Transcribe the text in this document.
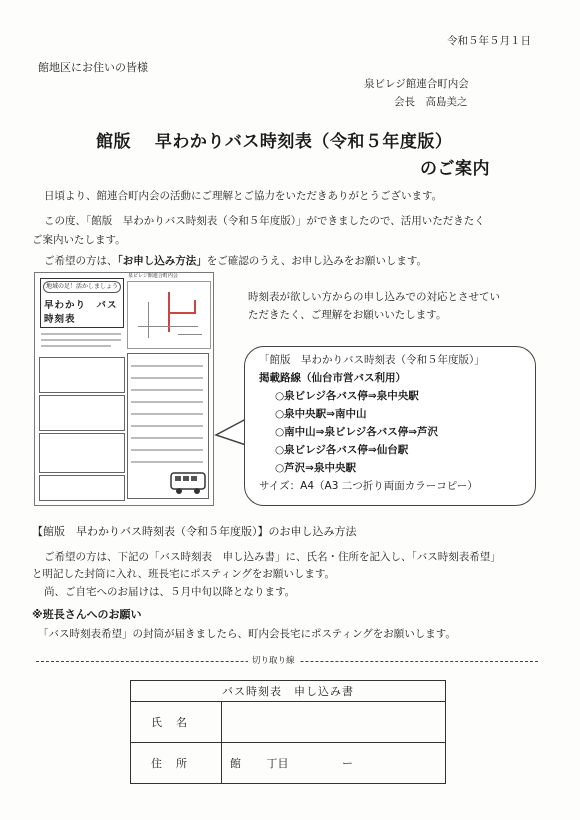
令和５年５月１日
館地区にお住いの皆様
泉ビレジ館連合町内会
会長　高島美之
館版　 早わかりバス時刻表（令和５年度版）
のご案内
日頃より、館連合町内会の活動にご理解とご協力をいただきありがとうございます。
この度、「館版　早わかりバス時刻表（令和５年度版）」ができましたので、活用いただきたく
ご案内いたします。
ご希望の方は、「お申し込み方法」をご確認のうえ、お申し込みをお願いします。
地域の足！活かしましょう
早わかり　バス時刻表
泉ビレジ館連合町内会
時刻表が欲しい方からの申し込みでの対応とさせてい
ただきたく、ご理解をお願いいたします。
「館版　早わかりバス時刻表（令和５年度版）」
掲載路線（仙台市営バス利用）
○泉ビレジ各バス停⇒泉中央駅
○泉中央駅⇒南中山
○南中山⇒泉ビレジ各バス停⇒芦沢
○泉ビレジ各バス停⇒仙台駅
○芦沢⇒泉中央駅
サイズ：A4（A3 二つ折り両面カラーコピー）
【館版　早わかりバス時刻表（令和５年度版）】のお申し込み方法
ご希望の方は、下記の「バス時刻表　申し込み書」に、氏名・住所を記入し、「バス時刻表希望」
と明記した封筒に入れ、班長宅にポスティングをお願いします。
尚、ご自宅へのお届けは、５月中旬以降となります。
※班長さんへのお願い
「バス時刻表希望」の封筒が届きましたら、町内会長宅にポスティングをお願いします。
切り取り線
バス時刻表　申し込み書	
氏名	
住所	館 丁目 ー
